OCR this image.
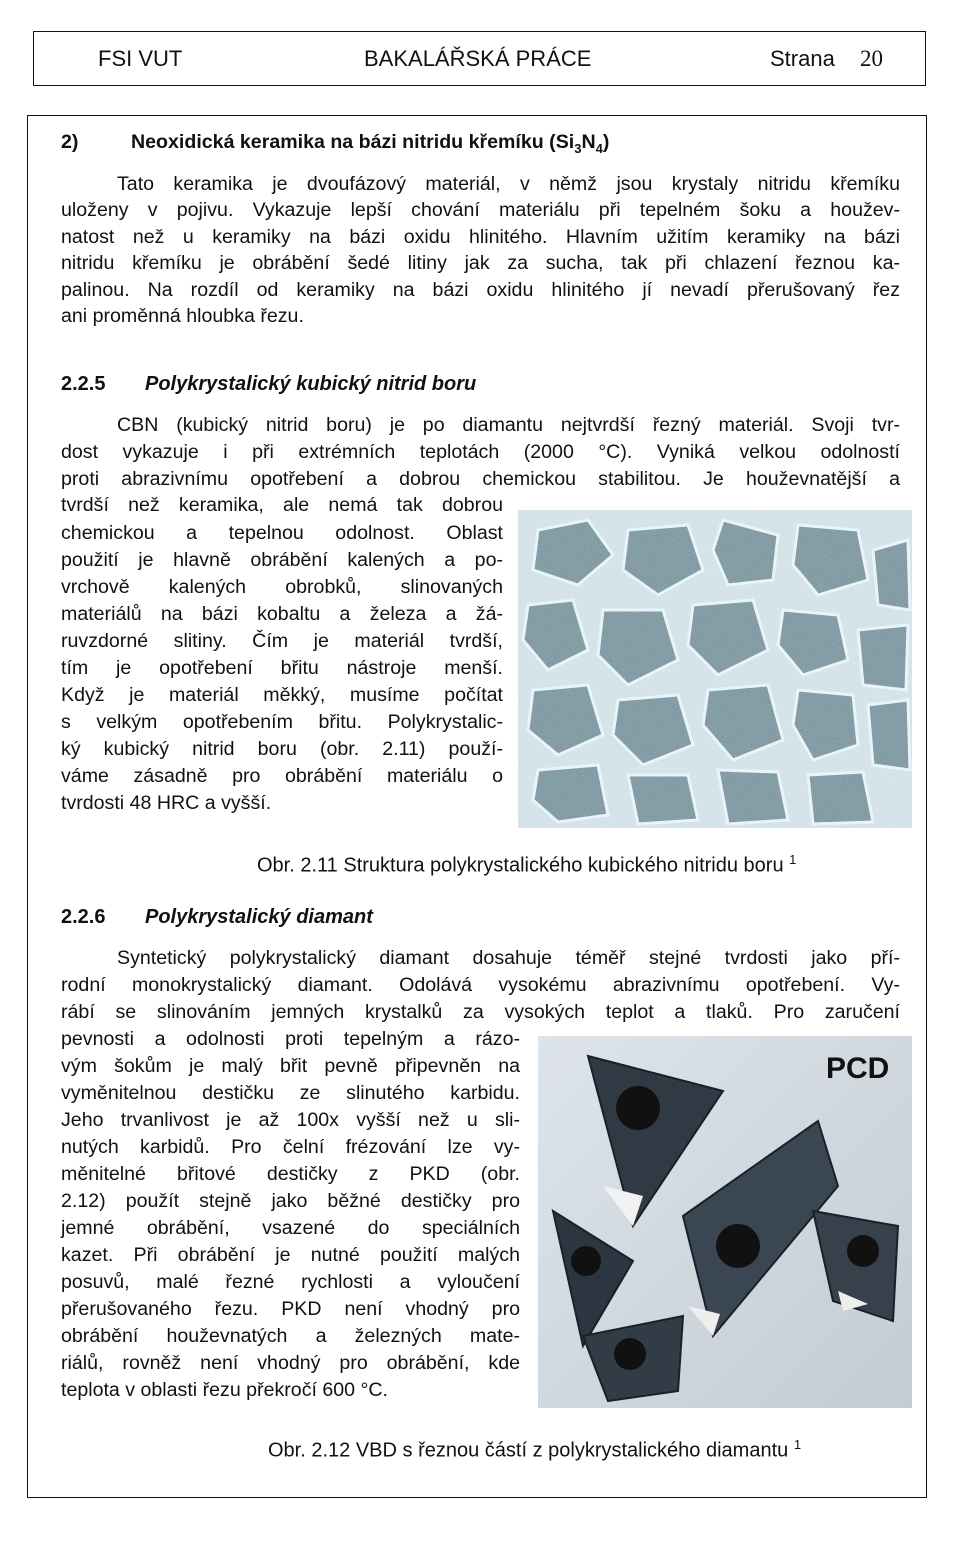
FSI VUT	BAKALÁŘSKÁ PRÁCE	Strana 20
2)	Neoxidická keramika na bázi nitridu křemíku $(Si_3N_4)$
Tato keramika je dvoufázový materiál, v němž jsou krystaly nitridu křemíku
uloženy v pojivu. Vykazuje lepší chování materiálu při tepelném šoku a houžev-
natost než u keramiky na bázi oxidu hlinitého. Hlavním užitím keramiky na bázi
nitridu křemíku je obrábění šedé litiny jak za sucha, tak při chlazení řeznou ka-
palinou. Na rozdíl od keramiky na bázi oxidu hlinitého jí nevadí přerušovaný řez
ani proměnná hloubka řezu.
2.2.5 Polykrystalický kubický nitrid boru
CBN (kubický nitrid boru) je po diamantu nejtvrdší řezný materiál. Svoji tvr-
dost vykazuje i při extrémních teplotách (2000 °C). Vyniká velkou odolností
proti abrazivnímu opotřebení a dobrou chemickou stabilitou. Je houževnatější a
tvrdší než keramika, ale nemá tak dobrou
chemickou a tepelnou odolnost. Oblast
použití je hlavně obrábění kalených a po-
vrchově kalených obrobků, slinovaných
materiálů na bázi kobaltu a železa a žá-
ruvzdorné slitiny. Čím je materiál tvrdší,
tím je opotřebení břitu nástroje menší.
Když je materiál měkký, musíme počítat
s velkým opotřebením břitu. Polykrystalic-
ký kubický nitrid boru (obr. 2.11) použí-
váme zásadně pro obrábění materiálu o
tvrdosti 48 HRC a vyšší.
Obr. 2.11 Struktura polykrystalického kubického nitridu boru $^1$
2.2.6 Polykrystalický diamant
Syntetický polykrystalický diamant dosahuje téměř stejné tvrdosti jako pří-
rodní monokrystalický diamant. Odolává vysokému abrazivnímu opotřebení. Vy-
rábí se slinováním jemných krystalků za vysokých teplot a tlaků. Pro zaručení
pevnosti a odolnosti proti tepelným a rázo-
vým šokům je malý břit pevně připevněn na
vyměnitelnou destičku ze slinutého karbidu.
Jeho trvanlivost je až 100x vyšší než u sli-
nutých karbidů. Pro čelní frézování lze vy-
měnitelné břitové destičky z PKD (obr.
2.12) použít stejně jako běžné destičky pro
jemné obrábění, vsazené do speciálních
kazet. Při obrábění je nutné použití malých
posuvů, malé řezné rychlosti a vylоučení
přerušovaného řezu. PKD není vhodný pro
obrábění houževnatých a železných mate-
riálů, rovněž není vhodný pro obrábění, kde
teplota v oblasti řezu překročí 600 °C.
PCD
Obr. 2.12 VBD s řeznou částí z polykrystalického diamantu $^1$
